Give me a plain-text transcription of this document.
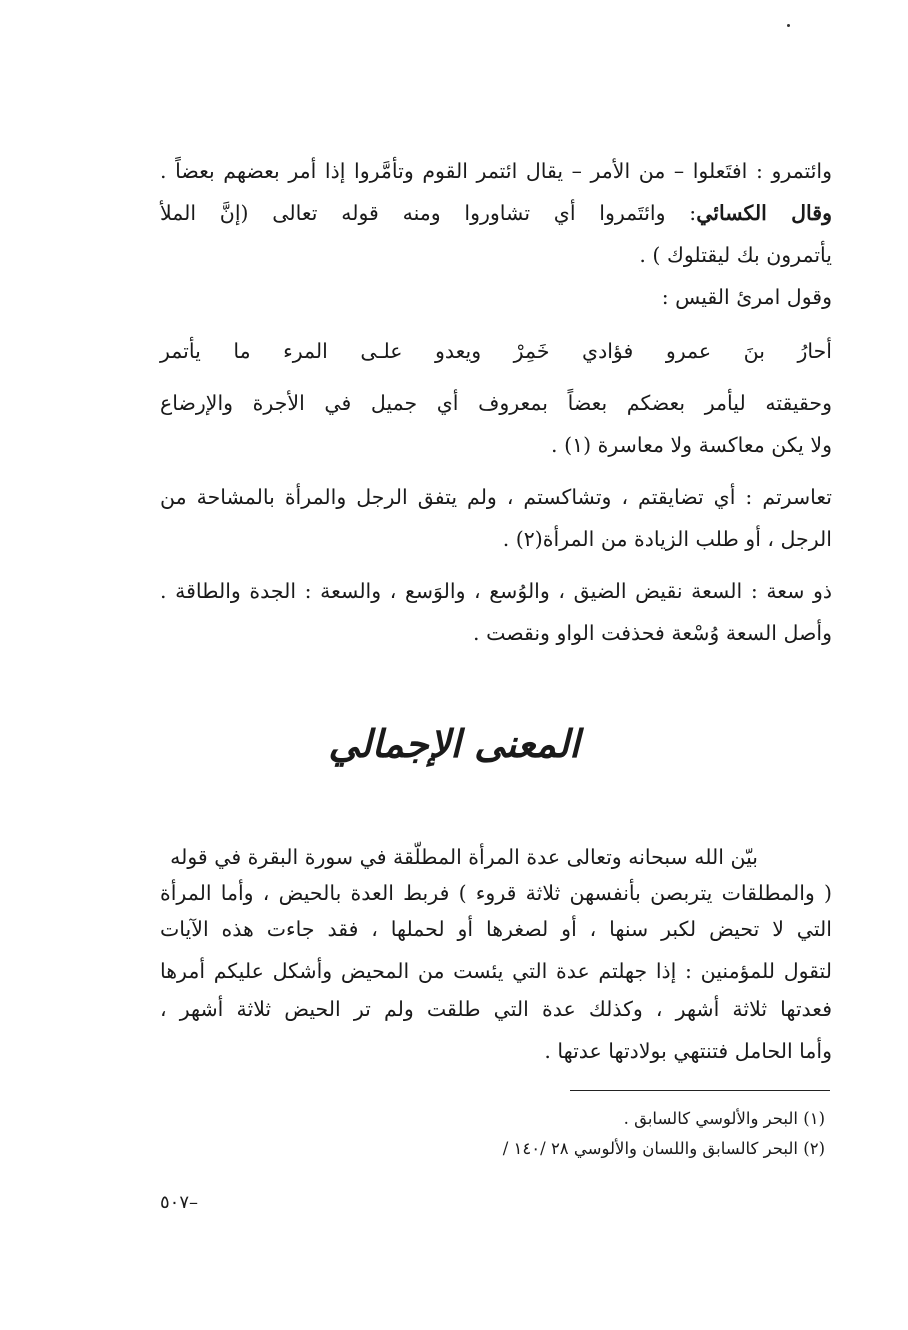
وائتمرو : افتَعلوا – من الأمر – يقال ائتمر القوم وتأمَّروا إذا أمر بعضهم بعضاً .
وقال الكسائي: وائتَمروا أي تشاوروا ومنه قوله تعالى (إنَّ الملأ
يأتمرون بك ليقتلوك ) .
وقول امرئ القيس :
أحارُ بنَ عمرو فؤادي خَمِرْ ويعدو علـى المرء ما يأتمر
وحقيقته ليأمر بعضكم بعضاً بمعروف أي جميل في الأجرة والإرضاع
ولا يكن معاكسة ولا معاسرة (١) .
تعاسرتم : أي تضايقتم ، وتشاكستم ، ولم يتفق الرجل والمرأة بالمشاحة من
الرجل ، أو طلب الزيادة من المرأة(٢) .
ذو سعة : السعة نقيض الضيق ، والوُسع ، والوَسع ، والسعة : الجدة والطاقة .
وأصل السعة وُسْعة فحذفت الواو ونقصت .
المعنى الإجمالي
بيّن الله سبحانه وتعالى عدة المرأة المطلّقة في سورة البقرة في قوله
( والمطلقات يتربصن بأنفسهن ثلاثة قروء ) فربط العدة بالحيض ، وأما المرأة
التي لا تحيض لكبر سنها ، أو لصغرها أو لحملها ، فقد جاءت هذه الآيات
لتقول للمؤمنين : إذا جهلتم عدة التي يئست من المحيض وأشكل عليكم أمرها
فعدتها ثلاثة أشهر ، وكذلك عدة التي طلقت ولم تر الحيض ثلاثة أشهر ،
وأما الحامل فتنتهي بولادتها عدتها .
(١) البحر والألوسي كالسابق .
(٢) البحر كالسابق واللسان والألوسي ٢٨ /١٤٠ /
–٥٠٧
